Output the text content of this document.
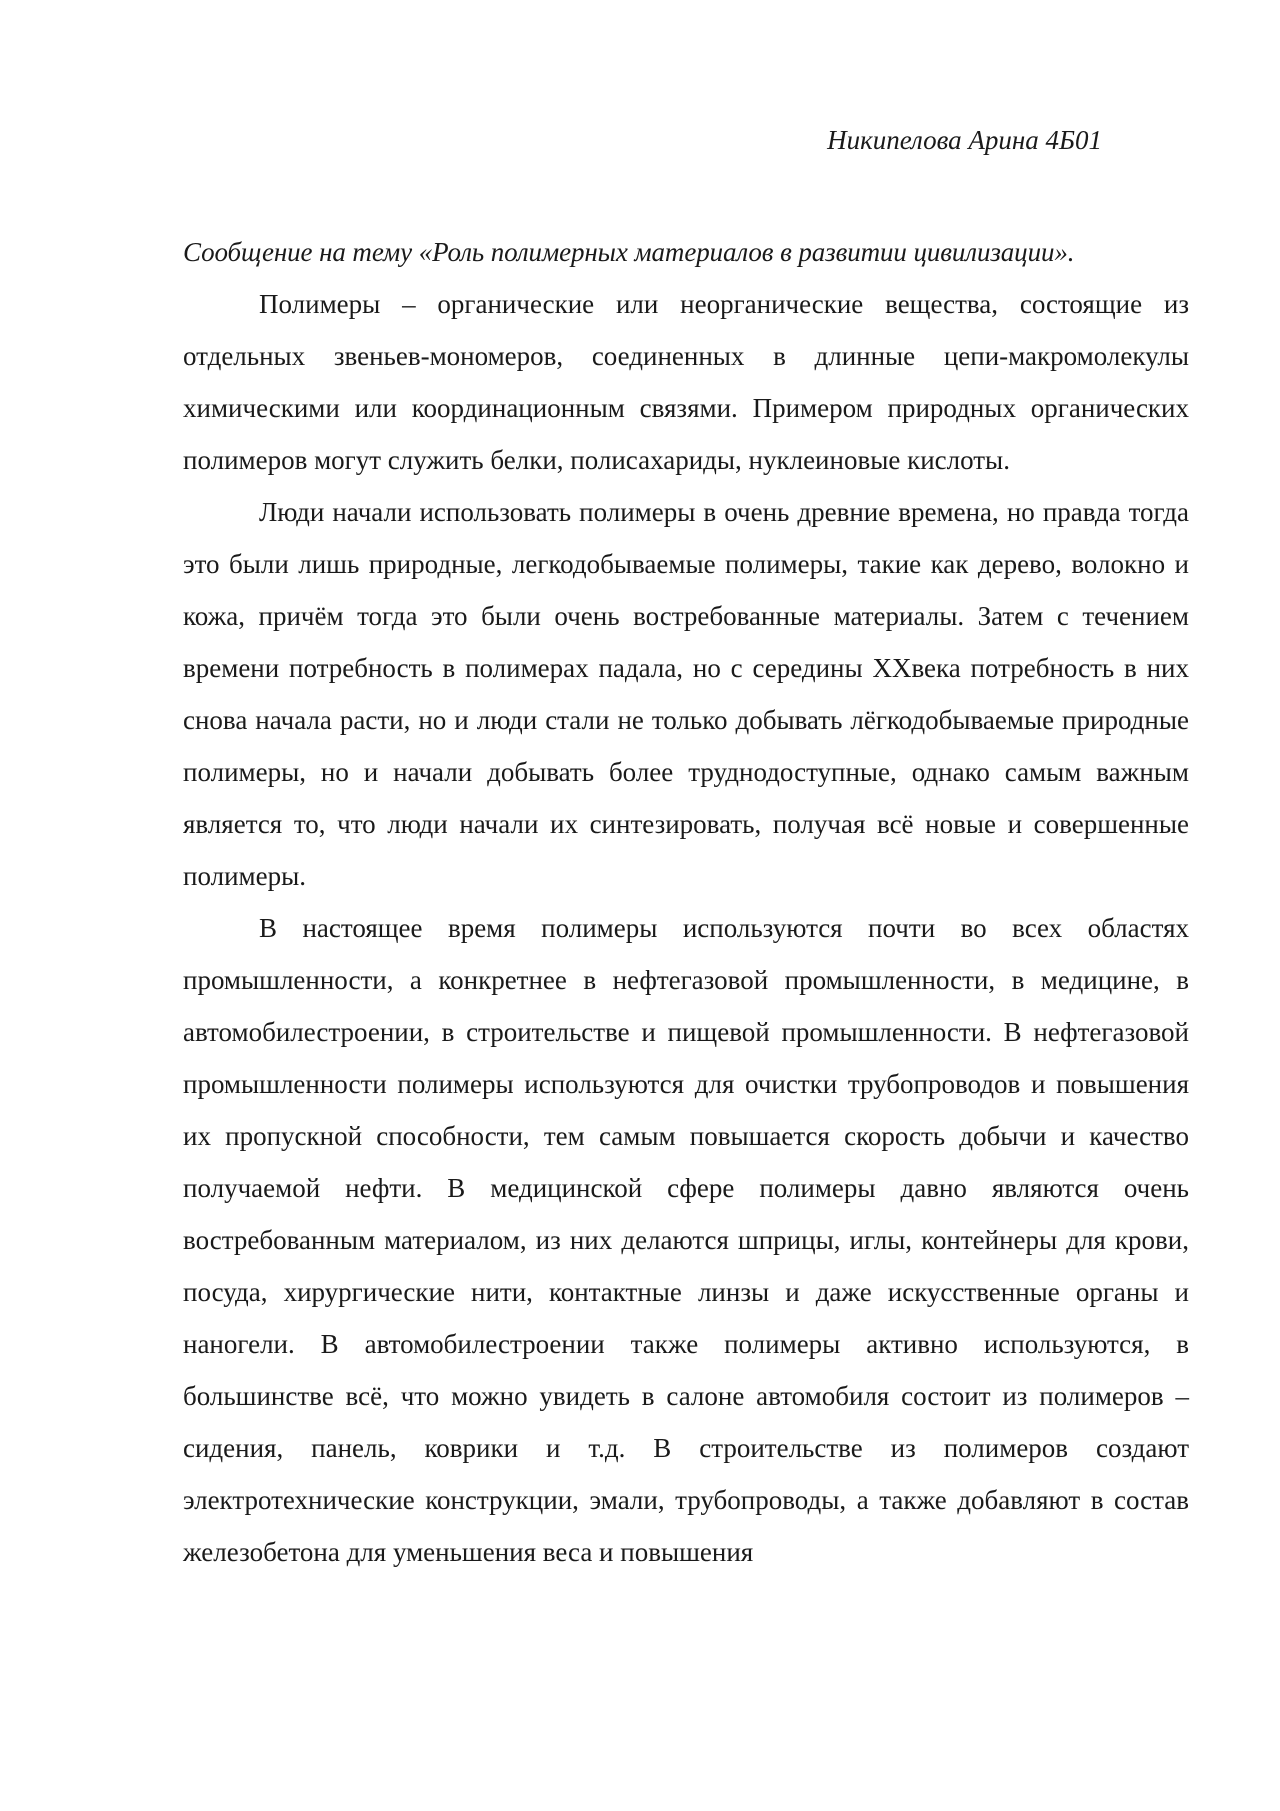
Никипелова Арина 4Б01

Сообщение на тему «Роль полимерных материалов в развитии цивилизации».

Полимеры – органические или неорганические вещества, состоящие из отдельных звеньев-мономеров, соединенных в длинные цепи-макромолекулы химическими или координационным связями. Примером природных органических полимеров могут служить белки, полисахариды, нуклеиновые кислоты.

Люди начали использовать полимеры в очень древние времена, но правда тогда это были лишь природные, легкодобываемые полимеры, такие как дерево, волокно и кожа, причём тогда это были очень востребованные материалы. Затем с течением времени потребность в полимерах падала, но с середины XXвека потребность в них снова начала расти, но и люди стали не только добывать лёгкодобываемые природные полимеры, но и начали добывать более труднодоступные, однако самым важным является то, что люди начали их синтезировать, получая всё новые и совершенные полимеры.

В настоящее время полимеры используются почти во всех областях промышленности, а конкретнее в нефтегазовой промышленности, в медицине, в автомобилестроении, в строительстве и пищевой промышленности. В нефтегазовой промышленности полимеры используются для очистки трубопроводов и повышения их пропускной способности, тем самым повышается скорость добычи и качество получаемой нефти. В медицинской сфере полимеры давно являются очень востребованным материалом, из них делаются шприцы, иглы, контейнеры для крови, посуда, хирургические нити, контактные линзы и даже искусственные органы и наногели. В автомобилестроении также полимеры активно используются, в большинстве всё, что можно увидеть в салоне автомобиля состоит из полимеров – сидения, панель, коврики и т.д. В строительстве из полимеров создают электротехнические конструкции, эмали, трубопроводы, а также добавляют в состав железобетона для уменьшения веса и повышения
